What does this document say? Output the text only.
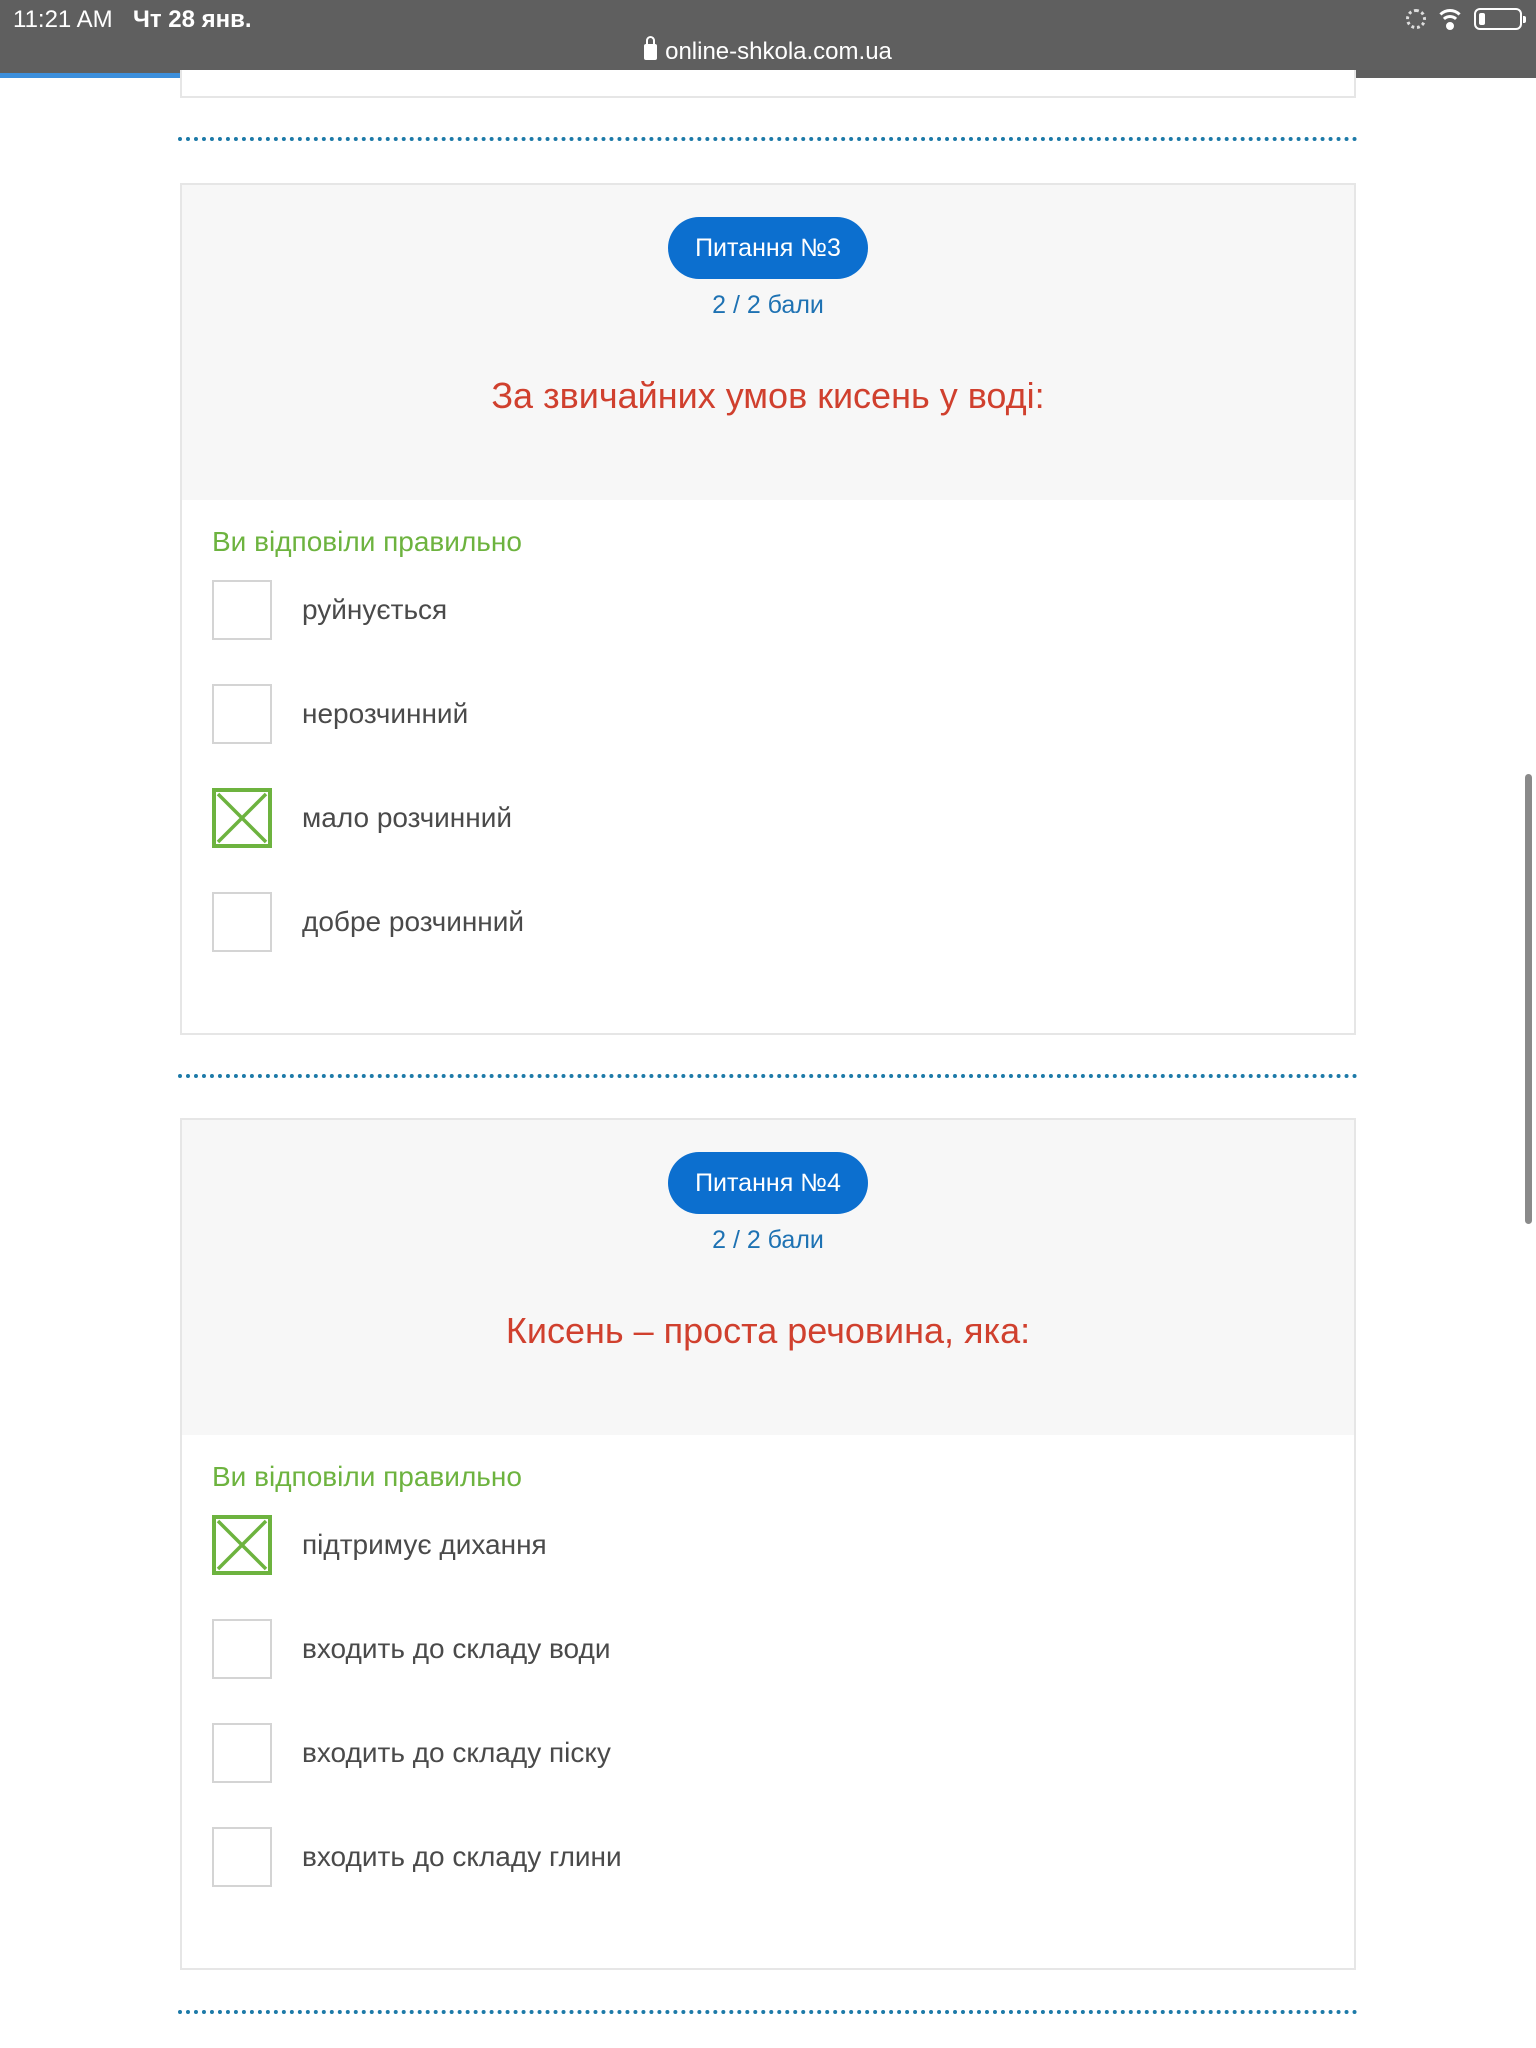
11:21 AM Чт 28 янв.
online-shkola.com.ua
Питання №3
2 / 2 бали
За звичайних умов кисень у воді:
Ви відповіли правильно
руйнується
нерозчинний
мало розчинний
добре розчинний
Питання №4
2 / 2 бали
Кисень – проста речовина, яка:
Ви відповіли правильно
підтримує дихання
входить до складу води
входить до складу піску
входить до складу глини
